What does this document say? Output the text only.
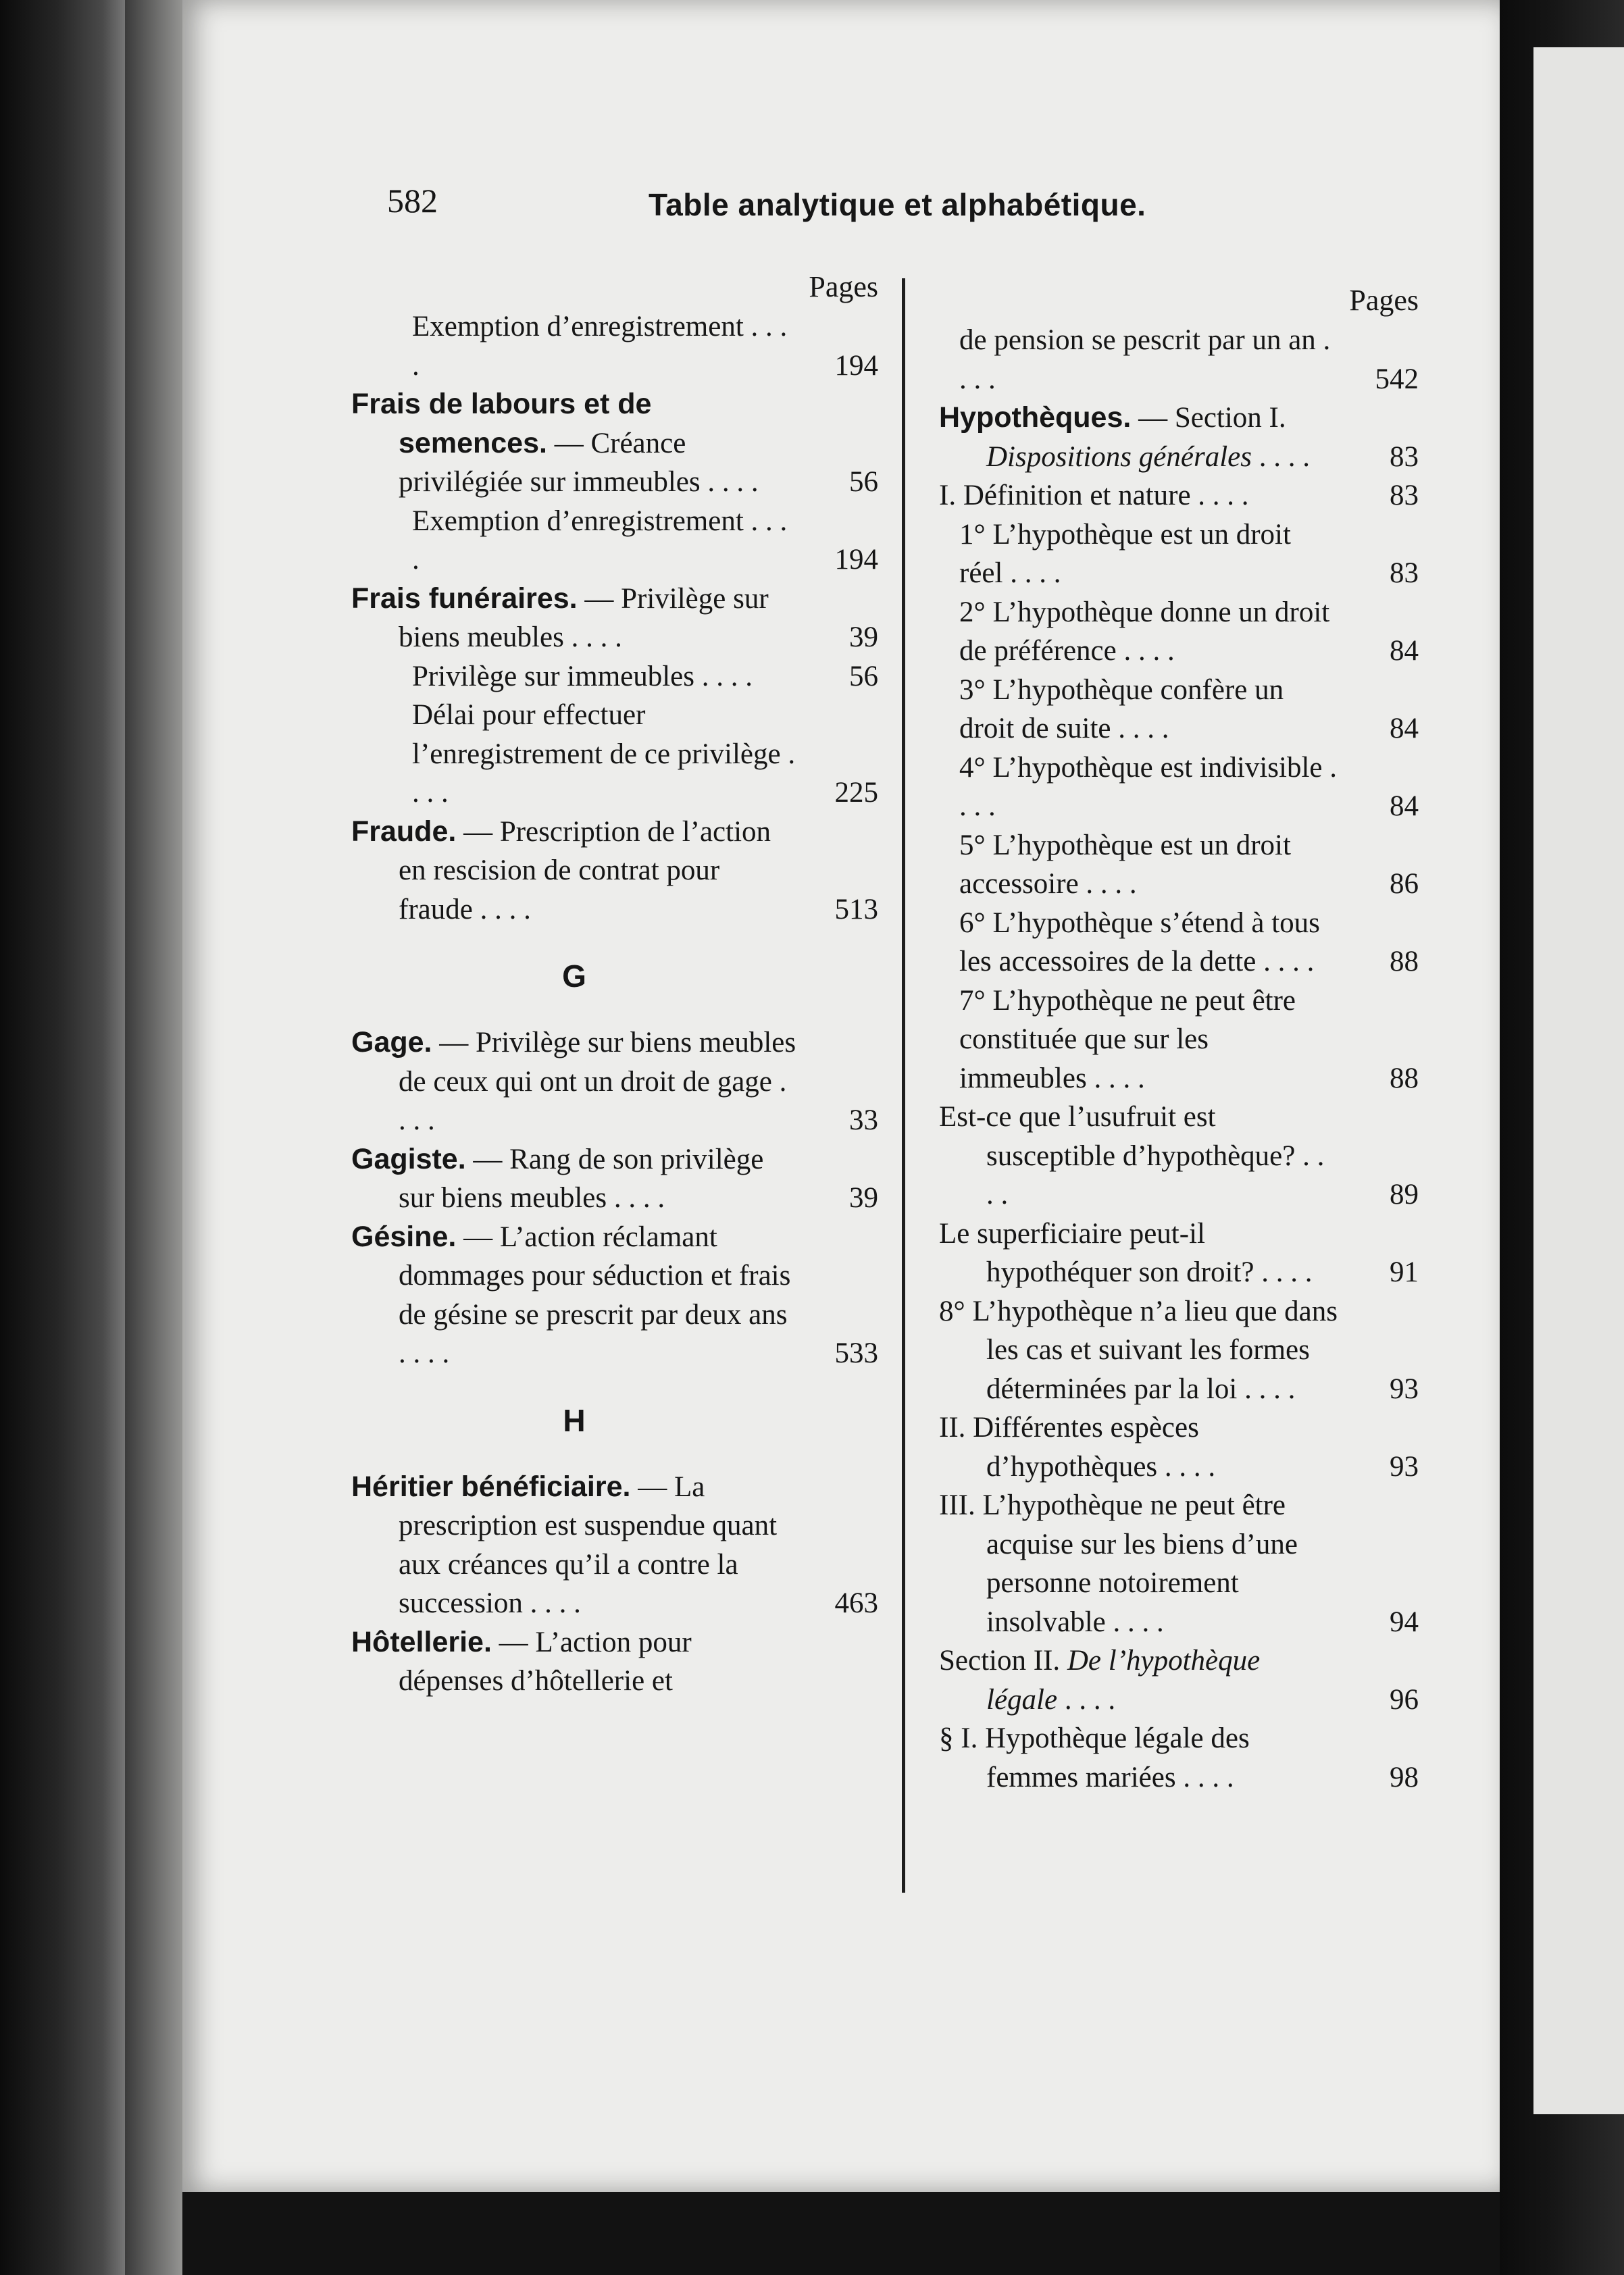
582	Table analytique et alphabétique.
Pages
Exemption d’enregistrement . . . .	194
Frais de labours et de semences. — Créance privilégiée sur immeubles . . . .	56
Exemption d’enregistrement . . . .	194
Frais funéraires. — Privilège sur biens meubles . . . .	39
Privilège sur immeubles . . . .	56
Délai pour effectuer l’enregistrement de ce privilège . . . .	225
Fraude. — Prescription de l’action en rescision de contrat pour fraude . . . .	513
G
Gage. — Privilège sur biens meubles de ceux qui ont un droit de gage . . . .	33
Gagiste. — Rang de son privilège sur biens meubles . . . .	39
Gésine. — L’action réclamant dommages pour séduction et frais de gésine se prescrit par deux ans . . . .	533
H
Héritier bénéficiaire. — La prescription est suspendue quant aux créances qu’il a contre la succession . . . .	463
Hôtellerie. — L’action pour dépenses d’hôtellerie et
Pages
de pension se pescrit par un an . . . .	542
Hypothèques. — Section I. Dispositions générales . . . .	83
I. Définition et nature . . . .	83
1° L’hypothèque est un droit réel . . . .	83
2° L’hypothèque donne un droit de préférence . . . .	84
3° L’hypothèque confère un droit de suite . . . .	84
4° L’hypothèque est indivisible . . . .	84
5° L’hypothèque est un droit accessoire . . . .	86
6° L’hypothèque s’étend à tous les accessoires de la dette . . . .	88
7° L’hypothèque ne peut être constituée que sur les immeubles . . . .	88
Est-ce que l’usufruit est susceptible d’hypothèque? . . . .	89
Le superficiaire peut-il hypothéquer son droit? . . . .	91
8° L’hypothèque n’a lieu que dans les cas et suivant les formes déterminées par la loi . . . .	93
II. Différentes espèces d’hypothèques . . . .	93
III. L’hypothèque ne peut être acquise sur les biens d’une personne notoirement insolvable . . . .	94
Section II. De l’hypothèque légale . . . .	96
§ I. Hypothèque légale des femmes mariées . . . .	98
